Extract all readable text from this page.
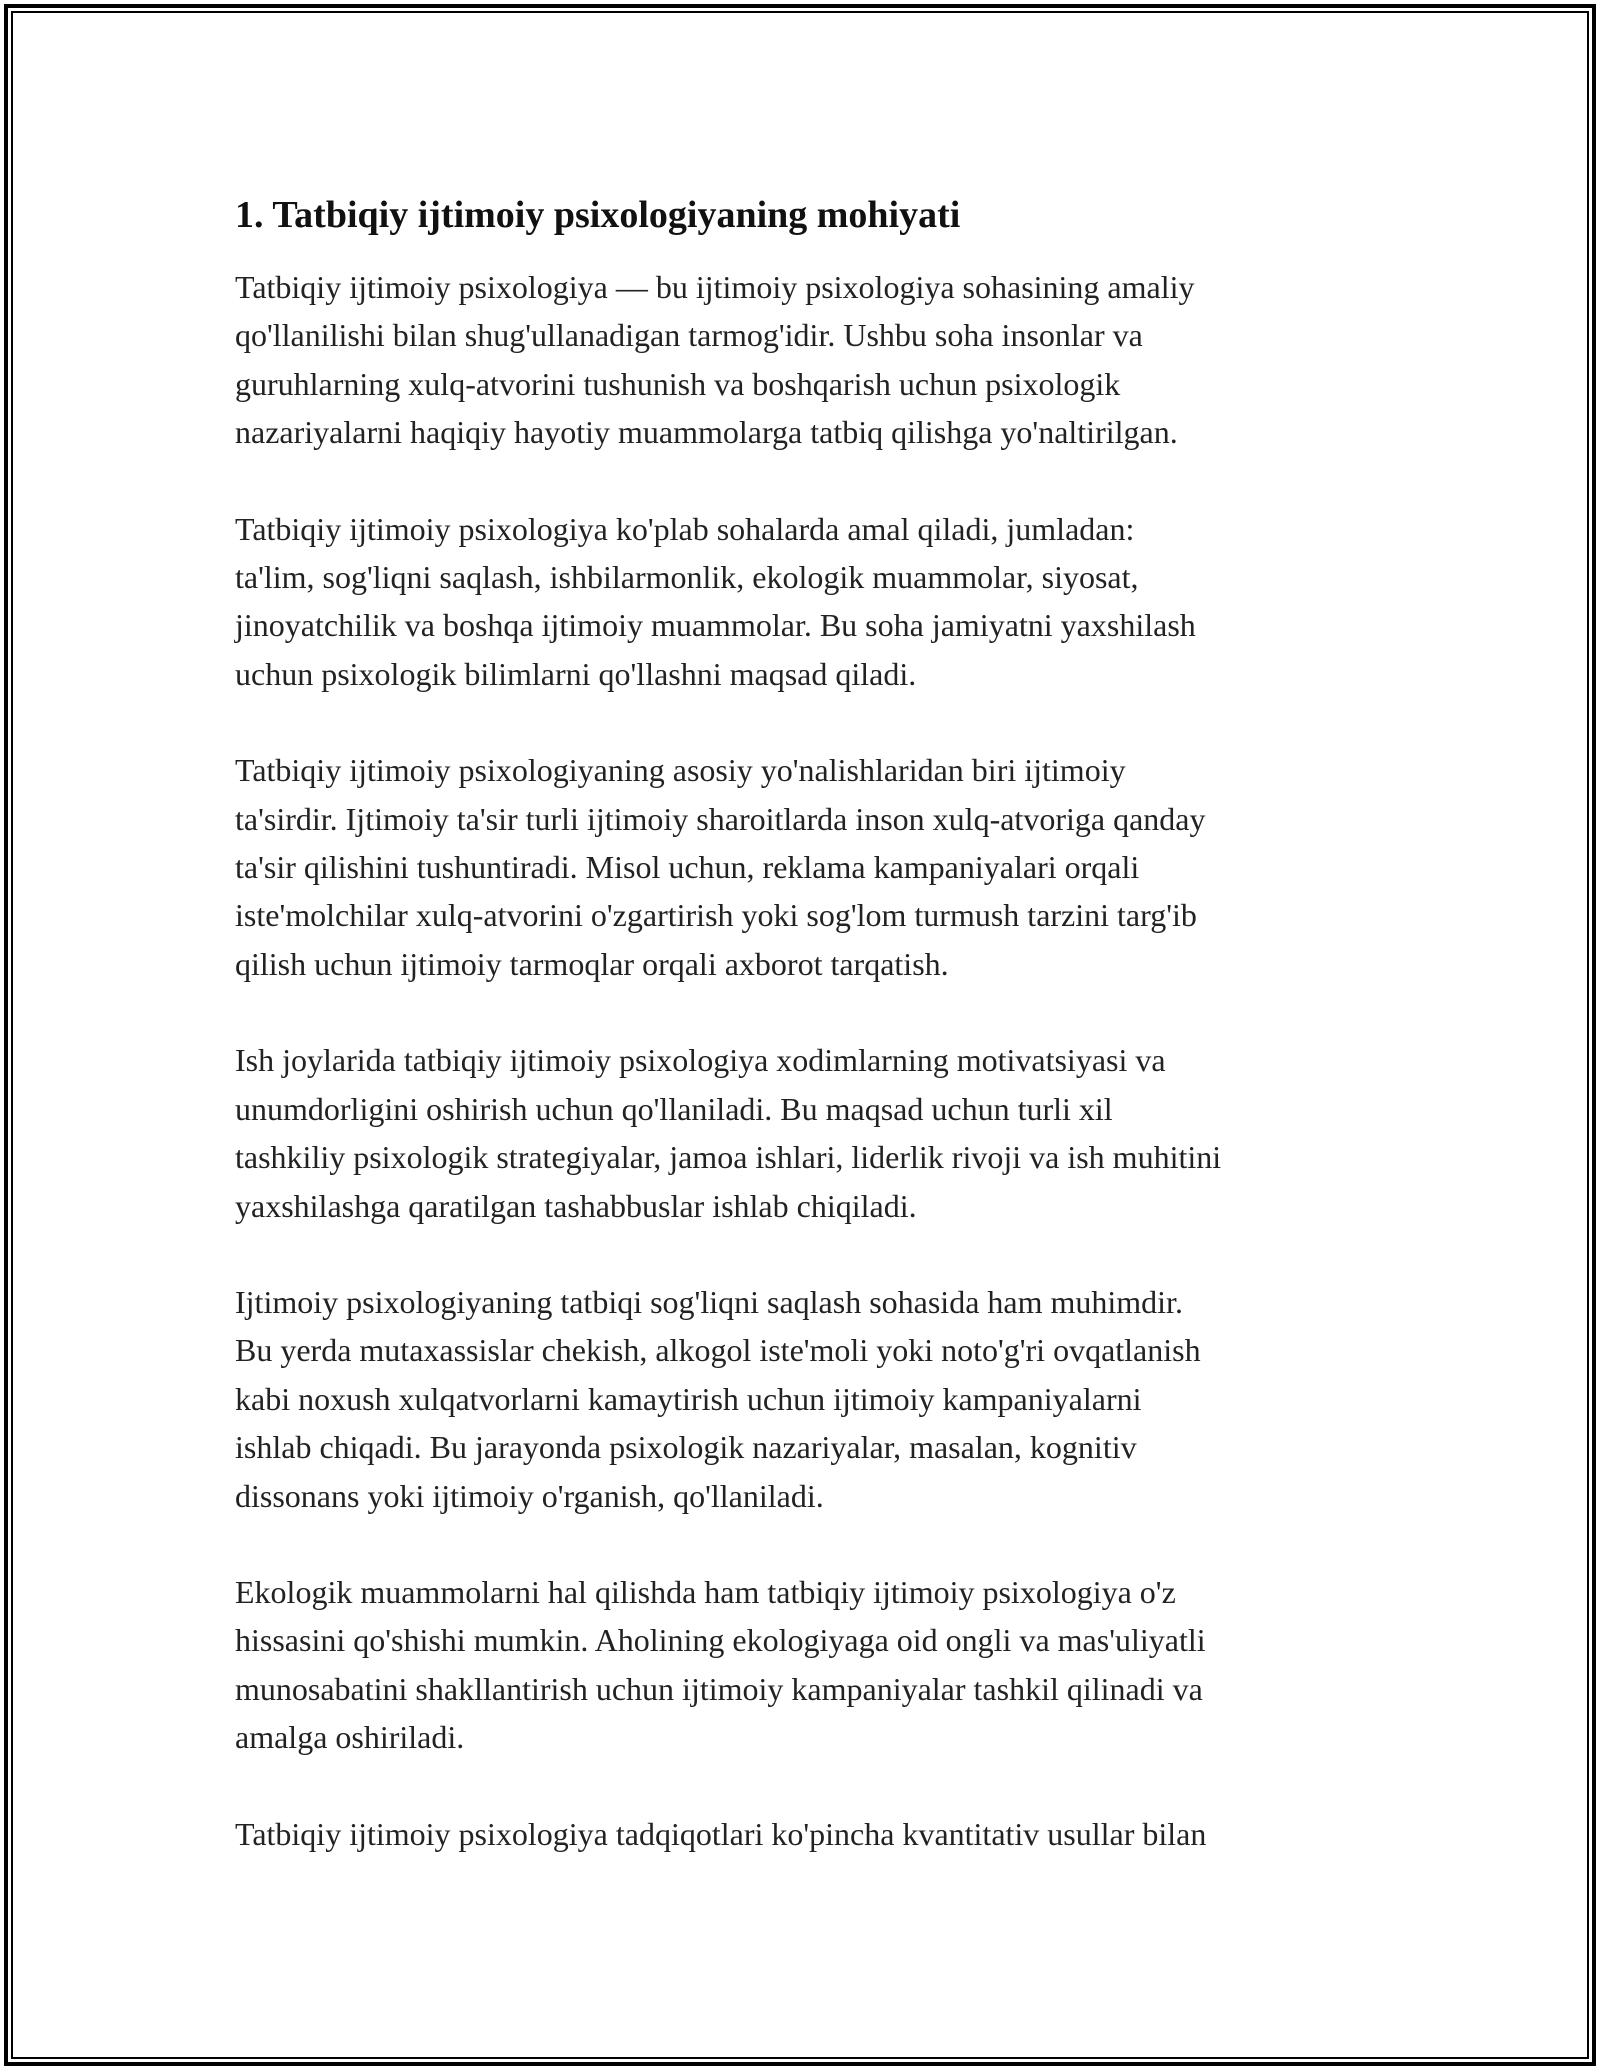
1. Tatbiqiy ijtimoiy psixologiyaning mohiyati

Tatbiqiy ijtimoiy psixologiya — bu ijtimoiy psixologiya sohasining amaliy
qo'llanilishi bilan shug'ullanadigan tarmog'idir. Ushbu soha insonlar va
guruhlarning xulq-atvorini tushunish va boshqarish uchun psixologik
nazariyalarni haqiqiy hayotiy muammolarga tatbiq qilishga yo'naltirilgan.

Tatbiqiy ijtimoiy psixologiya ko'plab sohalarda amal qiladi, jumladan:
ta'lim, sog'liqni saqlash, ishbilarmonlik, ekologik muammolar, siyosat,
jinoyatchilik va boshqa ijtimoiy muammolar. Bu soha jamiyatni yaxshilash
uchun psixologik bilimlarni qo'llashni maqsad qiladi.

Tatbiqiy ijtimoiy psixologiyaning asosiy yo'nalishlaridan biri ijtimoiy
ta'sirdir. Ijtimoiy ta'sir turli ijtimoiy sharoitlarda inson xulq-atvoriga qanday
ta'sir qilishini tushuntiradi. Misol uchun, reklama kampaniyalari orqali
iste'molchilar xulq-atvorini o'zgartirish yoki sog'lom turmush tarzini targ'ib
qilish uchun ijtimoiy tarmoqlar orqali axborot tarqatish.

Ish joylarida tatbiqiy ijtimoiy psixologiya xodimlarning motivatsiyasi va
unumdorligini oshirish uchun qo'llaniladi. Bu maqsad uchun turli xil
tashkiliy psixologik strategiyalar, jamoa ishlari, liderlik rivoji va ish muhitini
yaxshilashga qaratilgan tashabbuslar ishlab chiqiladi.

Ijtimoiy psixologiyaning tatbiqi sog'liqni saqlash sohasida ham muhimdir.
Bu yerda mutaxassislar chekish, alkogol iste'moli yoki noto'g'ri ovqatlanish
kabi noxush xulqatvorlarni kamaytirish uchun ijtimoiy kampaniyalarni
ishlab chiqadi. Bu jarayonda psixologik nazariyalar, masalan, kognitiv
dissonans yoki ijtimoiy o'rganish, qo'llaniladi.

Ekologik muammolarni hal qilishda ham tatbiqiy ijtimoiy psixologiya o'z
hissasini qo'shishi mumkin. Aholining ekologiyaga oid ongli va mas'uliyatli
munosabatini shakllantirish uchun ijtimoiy kampaniyalar tashkil qilinadi va
amalga oshiriladi.

Tatbiqiy ijtimoiy psixologiya tadqiqotlari ko'pincha kvantitativ usullar bilan
